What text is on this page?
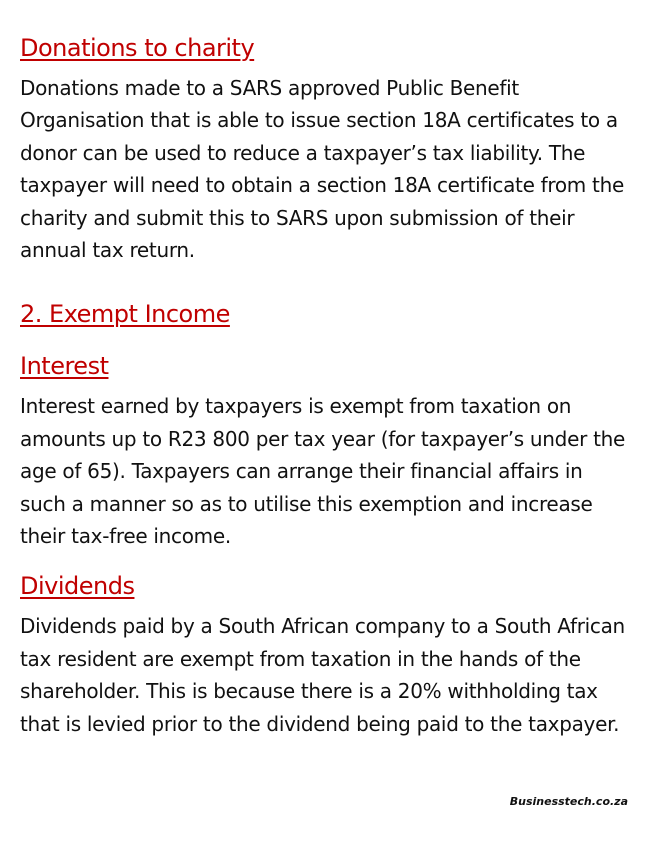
Donations to charity

Donations made to a SARS approved Public Benefit Organisation that is able to issue section 18A certificates to a donor can be used to reduce a taxpayer’s tax liability. The taxpayer will need to obtain a section 18A certificate from the charity and submit this to SARS upon submission of their annual tax return.

2. Exempt Income
Interest

Interest earned by taxpayers is exempt from taxation on amounts up to R23 800 per tax year (for taxpayer’s under the age of 65). Taxpayers can arrange their financial affairs in such a manner so as to utilise this exemption and increase their tax-free income.

Dividends

Dividends paid by a South African company to a South African tax resident are exempt from taxation in the hands of the shareholder. This is because there is a 20% withholding tax that is levied prior to the dividend being paid to the taxpayer.

Businesstech.co.za
